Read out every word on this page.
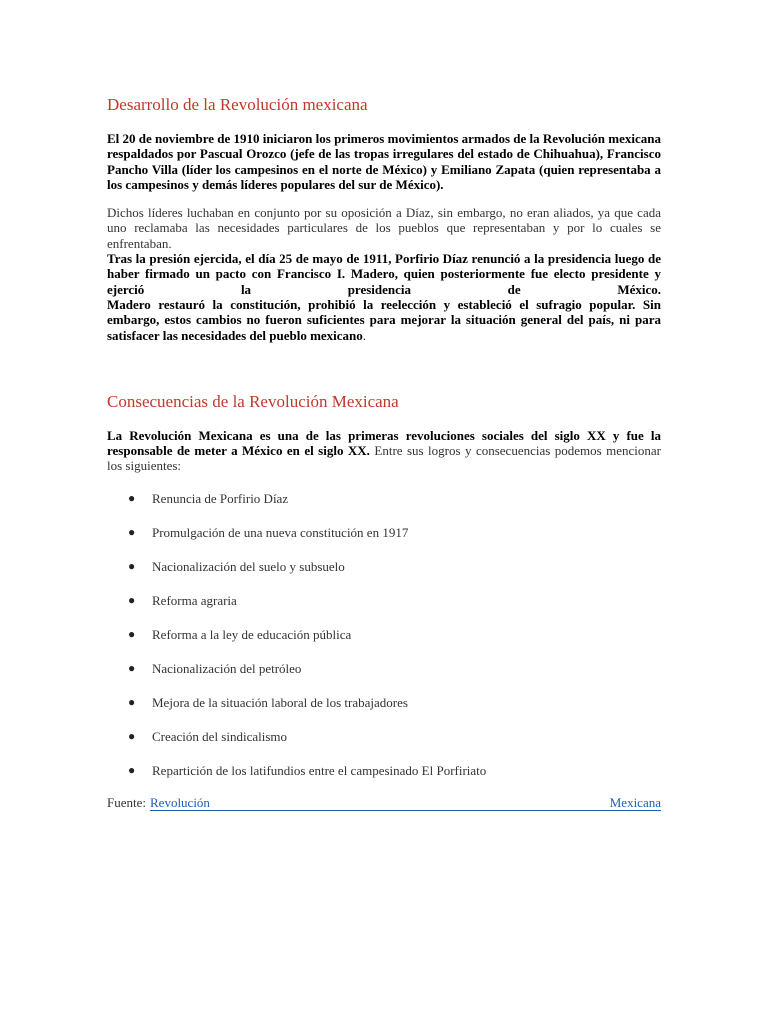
Desarrollo de la Revolución mexicana

El 20 de noviembre de 1910 iniciaron los primeros movimientos armados de la Revolución mexicana respaldados por Pascual Orozco (jefe de las tropas irregulares del estado de Chihuahua), Francisco Pancho Villa (líder los campesinos en el norte de México) y Emiliano Zapata (quien representaba a los campesinos y demás líderes populares del sur de México).

Dichos líderes luchaban en conjunto por su oposición a Díaz, sin embargo, no eran aliados, ya que cada uno reclamaba las necesidades particulares de los pueblos que representaban y por lo cuales se enfrentaban.

Tras la presión ejercida, el día 25 de mayo de 1911, Porfirio Díaz renunció a la presidencia luego de haber firmado un pacto con Francisco I. Madero, quien posteriormente fue electo presidente y ejerció la presidencia de México.

Madero restauró la constitución, prohibió la reelección y estableció el sufragio popular. Sin embargo, estos cambios no fueron suficientes para mejorar la situación general del país, ni para satisfacer las necesidades del pueblo mexicano.

Consecuencias de la Revolución Mexicana

La Revolución Mexicana es una de las primeras revoluciones sociales del siglo XX y fue la responsable de meter a México en el siglo XX. Entre sus logros y consecuencias podemos mencionar los siguientes:

● Renuncia de Porfirio Díaz
● Promulgación de una nueva constitución en 1917
● Nacionalización del suelo y subsuelo
● Reforma agraria
● Reforma a la ley de educación pública
● Nacionalización del petróleo
● Mejora de la situación laboral de los trabajadores
● Creación del sindicalismo
● Repartición de los latifundios entre el campesinado El Porfiriato
Fuente: Revolución	Mexicana
